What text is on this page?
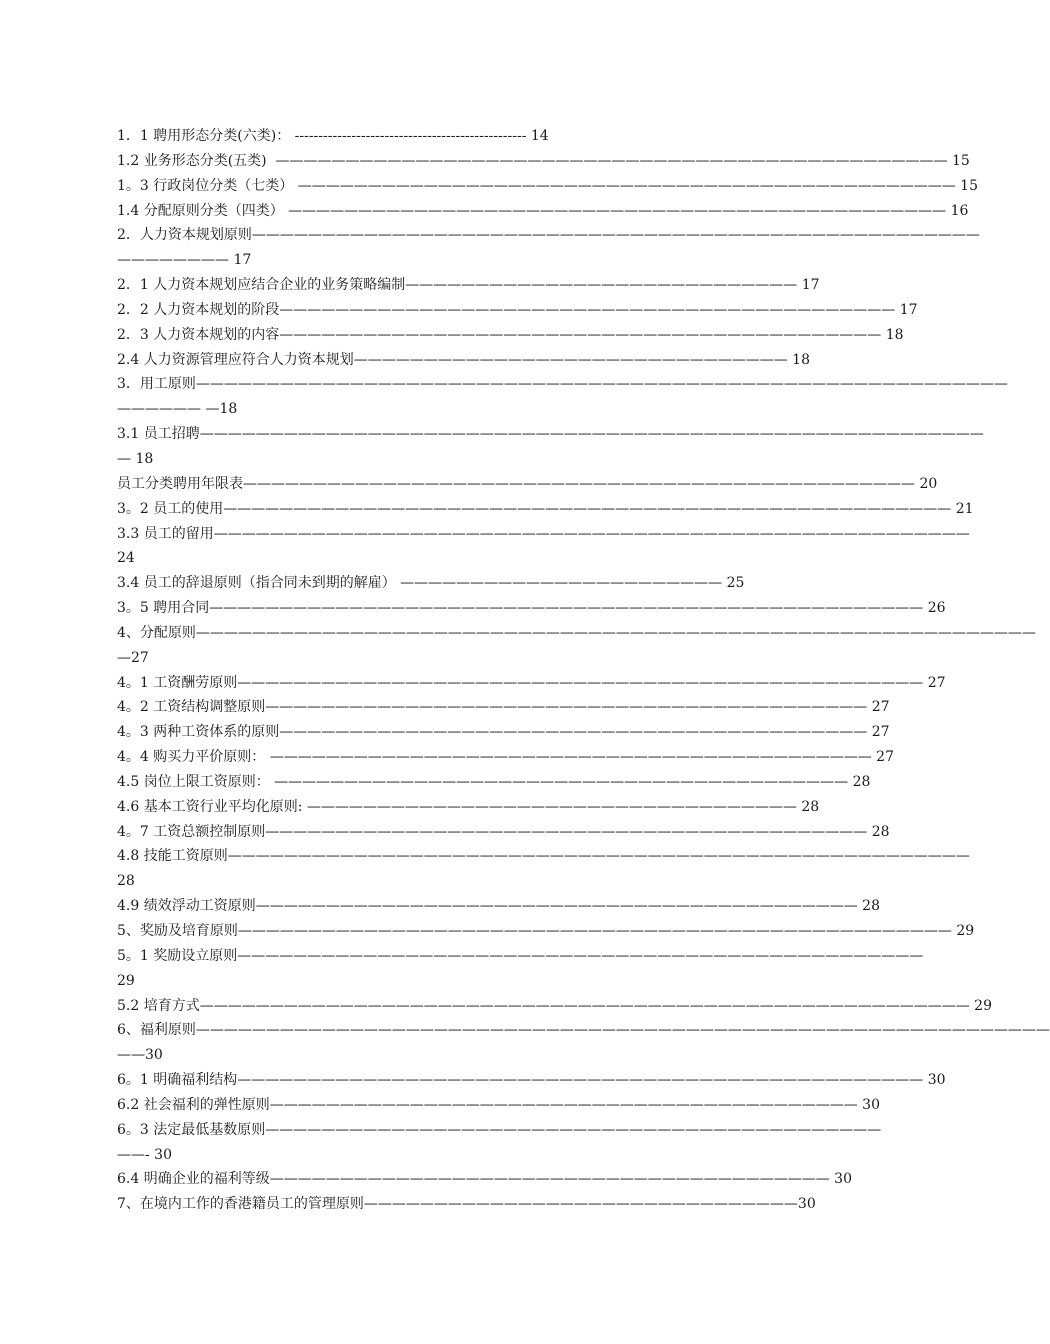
1．1 聘用形态分类(六类)： ------------------------------------------------- 14
1.2 业务形态分类(五类)  ———————————————————————————————————————————————— 15
1。3 行政岗位分类（七类） ——————————————————————————————————————————————— 15
1.4 分配原则分类（四类） ——————————————————————————————————————————————— 16
2．人力资本规划原则————————————————————————————————————————————————————
———————— 17
2．1 人力资本规划应结合企业的业务策略编制———————————————————————————— 17
2．2 人力资本规划的阶段———————————————————————————————————————————— 17
2．3 人力资本规划的内容——————————————————————————————————————————— 18
2.4 人力资源管理应符合人力资本规划——————————————————————————————— 18
3．用工原则——————————————————————————————————————————————————————————
—————— —18
3.1 员工招聘————————————————————————————————————————————————————————
— 18
员工分类聘用年限表———————————————————————————————————————————————— 20
3。2 员工的使用———————————————————————————————————————————————————— 21
3.3 员工的留用——————————————————————————————————————————————————————
24
3.4 员工的辞退原则（指合同未到期的解雇） ——————————————————————— 25
3。5 聘用合同——————————————————————————————————————————————————— 26
4、分配原则————————————————————————————————————————————————————————————
—27
4。1 工资酬劳原则————————————————————————————————————————————————— 27
4。2 工资结构调整原则——————————————————————————————————————————— 27
4。3 两种工资体系的原则—————————————————————————————————————————— 27
4。4 购买力平价原则： ——————————————————————————————————————————— 27
4.5 岗位上限工资原则： ————————————————————————————————————————— 28
4.6 基本工资行业平均化原则: ——————————————————————————————————— 28
4。7 工资总额控制原则——————————————————————————————————————————— 28
4.8 技能工资原则—————————————————————————————————————————————————————
28
4.9 绩效浮动工资原则——————————————————————————————————————————— 28
5、奖励及培育原则——————————————————————————————————————————————————— 29
5。1 奖励设立原则—————————————————————————————————————————————————
29
5.2 培育方式——————————————————————————————————————————————————————— 29
6、福利原则—————————————————————————————————————————————————————————————
——30
6。1 明确福利结构————————————————————————————————————————————————— 30
6.2 社会福利的弹性原则—————————————————————————————————————————— 30
6。3 法定最低基数原则————————————————————————————————————————————
——- 30
6.4 明确企业的福利等级———————————————————————————————————————— 30
7、在境内工作的香港籍员工的管理原则———————————————————————————————30
